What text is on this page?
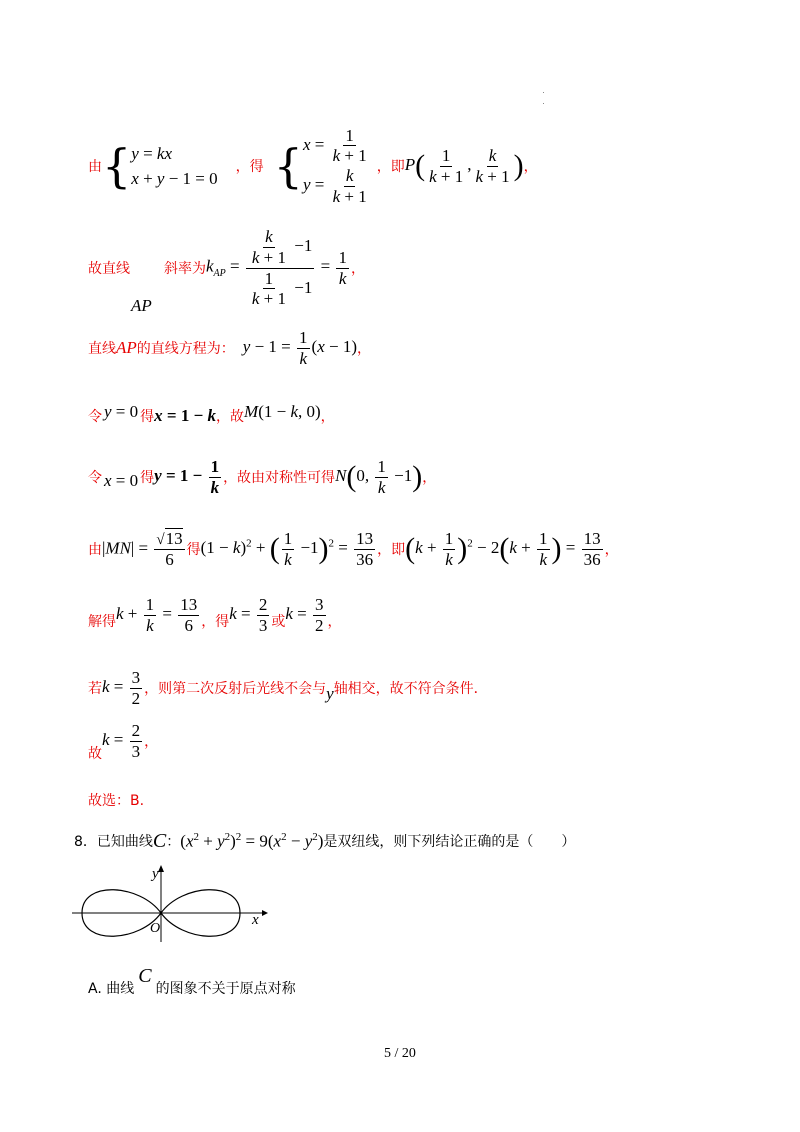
由 { y = kx
x + y − 1 = 0
，得 { $x = \frac{1}{k + 1}$
$y = \frac{k}{k + 1}$ ，即 $P( \frac{1}{k + 1}$ , $\frac{k}{k + 1}$ ) ，
故直线 斜率为 $k_{AP} = \frac{\frac{k}{k + 1} -1}{\frac{1}{k + 1} -1} = \frac{1}{k}$ ，
AP
直线 AP 的直线方程为： $y - 1 = \frac{1}{k} (x - 1)$ ，
令 y = 0 得 x = 1 − k ，故 M(1 − k, 0) ，
令 x = 0 得 $y = 1 - \frac{1}{k}$ ，故由对称性可得 N(0, $\frac{1}{k} -1$) ，
由 $|MN| = \frac{√13}{6}$ 得 $(1 - k)^2$ + ( $\frac{1}{k} -1)^2 = \frac{13}{36}$ ，即 $(k + \frac{1}{k} )^2 - 2(k + \frac{1}{k}$ ) = $\frac{13}{36}$ ，
解得 $k + \frac{1}{k} = \frac{13}{6}$ ，得 $k = \frac{2}{3}$ 或 $k = \frac{3}{2}$ ，
若 $k = \frac{3}{2}$ ，则第二次反射后光线不会与 y 轴相交，故不符合条件．
故
$k = \frac{2}{3}$ ，
故选：B.
8．已知曲线 C ： $(x^2 + y^2)^2 = 9(x^2 - y^2)$ 是双纽线，则下列结论正确的是（　　）
y
x
O
A. 曲线
C
的图象不关于原点对称
5 / 20
